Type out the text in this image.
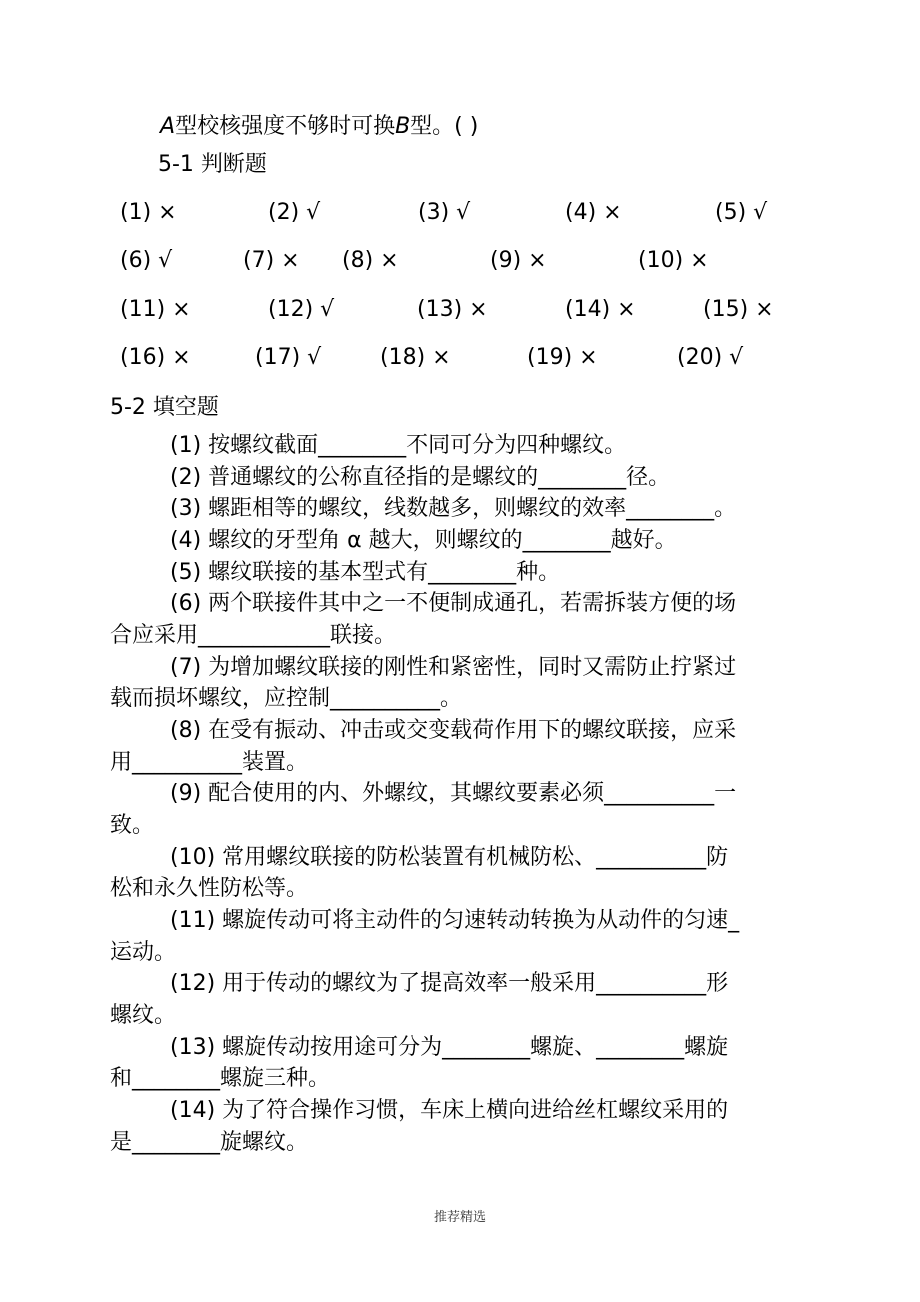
A型校核强度不够时可换B型。( )
5-1 判断题
(1) ×	(2) √	(3) √	(4) ×	(5) √
(6) √	(7) × (8) ×	(9) ×	(10) ×
(11) ×	(12) √	(13) ×	(14) ×	(15) ×
(16) ×	(17) √	(18) ×	(19) ×	(20) √
5-2 填空题
(1) 按螺纹截面________不同可分为四种螺纹。
(2) 普通螺纹的公称直径指的是螺纹的________径。
(3) 螺距相等的螺纹，线数越多，则螺纹的效率________。
(4) 螺纹的牙型角 α 越大，则螺纹的________越好。
(5) 螺纹联接的基本型式有________种。
(6) 两个联接件其中之一不便制成通孔，若需拆装方便的场
合应采用____________联接。
(7) 为增加螺纹联接的刚性和紧密性，同时又需防止拧紧过
载而损坏螺纹，应控制__________。
(8) 在受有振动、冲击或交变载荷作用下的螺纹联接，应采
用__________装置。
(9) 配合使用的内、外螺纹，其螺纹要素必须__________一
致。
(10) 常用螺纹联接的防松装置有机械防松、__________防
松和永久性防松等。
(11) 螺旋传动可将主动件的匀速转动转换为从动件的匀速_
运动。
(12) 用于传动的螺纹为了提高效率一般采用__________形
螺纹。
(13) 螺旋传动按用途可分为________螺旋、________螺旋
和________螺旋三种。
(14) 为了符合操作习惯，车床上横向进给丝杠螺纹采用的
是________旋螺纹。
推荐精选
